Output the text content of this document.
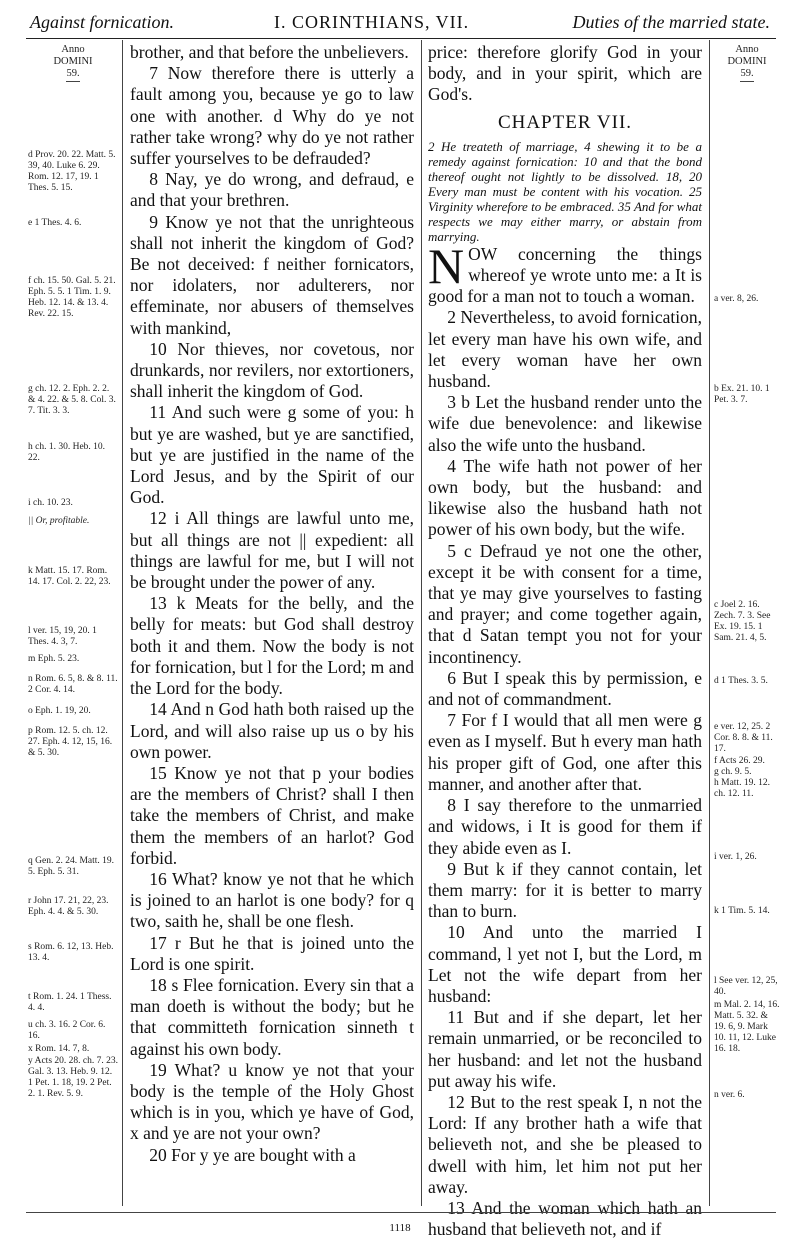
Against fornication.	I. CORINTHIANS, VII.	Duties of the married state.
Anno
DOMINI
59.
d Prov. 20. 22. Matt. 5. 39, 40. Luke 6. 29. Rom. 12. 17, 19. 1 Thes. 5. 15.
e 1 Thes. 4. 6.
f ch. 15. 50. Gal. 5. 21. Eph. 5. 5. 1 Tim. 1. 9. Heb. 12. 14. & 13. 4. Rev. 22. 15.
g ch. 12. 2. Eph. 2. 2. & 4. 22. & 5. 8. Col. 3. 7. Tit. 3. 3.
h ch. 1. 30. Heb. 10. 22.
i ch. 10. 23.
|| Or, profitable.
k Matt. 15. 17. Rom. 14. 17. Col. 2. 22, 23.
l ver. 15, 19, 20. 1 Thes. 4. 3, 7.
m Eph. 5. 23.
n Rom. 6. 5, 8. & 8. 11. 2 Cor. 4. 14.
o Eph. 1. 19, 20.
p Rom. 12. 5. ch. 12. 27. Eph. 4. 12, 15, 16. & 5. 30.
q Gen. 2. 24. Matt. 19. 5. Eph. 5. 31.
r John 17. 21, 22, 23. Eph. 4. 4. & 5. 30.
s Rom. 6. 12, 13. Heb. 13. 4.
t Rom. 1. 24. 1 Thess. 4. 4.
u ch. 3. 16. 2 Cor. 6. 16.
x Rom. 14. 7, 8.
y Acts 20. 28. ch. 7. 23. Gal. 3. 13. Heb. 9. 12. 1 Pet. 1. 18, 19. 2 Pet. 2. 1. Rev. 5. 9.

brother, and that before the unbelievers.

7 Now therefore there is utterly a fault among you, because ye go to law one with another. d Why do ye not rather take wrong? why do ye not rather suffer yourselves to be defrauded?

8 Nay, ye do wrong, and defraud, e and that your brethren.

9 Know ye not that the unrighteous shall not inherit the kingdom of God? Be not deceived: f neither fornicators, nor idolaters, nor adulterers, nor effeminate, nor abusers of themselves with mankind,

10 Nor thieves, nor covetous, nor drunkards, nor revilers, nor extortioners, shall inherit the kingdom of God.

11 And such were g some of you: h but ye are washed, but ye are sanctified, but ye are justified in the name of the Lord Jesus, and by the Spirit of our God.

12 i All things are lawful unto me, but all things are not || expedient: all things are lawful for me, but I will not be brought under the power of any.

13 k Meats for the belly, and the belly for meats: but God shall destroy both it and them. Now the body is not for fornication, but l for the Lord; m and the Lord for the body.

14 And n God hath both raised up the Lord, and will also raise up us o by his own power.

15 Know ye not that p your bodies are the members of Christ? shall I then take the members of Christ, and make them the members of an harlot? God forbid.

16 What? know ye not that he which is joined to an harlot is one body? for q two, saith he, shall be one flesh.

17 r But he that is joined unto the Lord is one spirit.

18 s Flee fornication. Every sin that a man doeth is without the body; but he that committeth fornication sinneth t against his own body.

19 What? u know ye not that your body is the temple of the Holy Ghost which is in you, which ye have of God, x and ye are not your own?

20 For y ye are bought with a

price: therefore glorify God in your body, and in your spirit, which are God's.

CHAPTER VII.

2 He treateth of marriage, 4 shewing it to be a remedy against fornication: 10 and that the bond thereof ought not lightly to be dissolved. 18, 20 Every man must be content with his vocation. 25 Virginity wherefore to be embraced. 35 And for what respects we may either marry, or abstain from marrying.

NOW concerning the things whereof ye wrote unto me: a It is good for a man not to touch a woman.

2 Nevertheless, to avoid fornication, let every man have his own wife, and let every woman have her own husband.

3 b Let the husband render unto the wife due benevolence: and likewise also the wife unto the husband.

4 The wife hath not power of her own body, but the husband: and likewise also the husband hath not power of his own body, but the wife.

5 c Defraud ye not one the other, except it be with consent for a time, that ye may give yourselves to fasting and prayer; and come together again, that d Satan tempt you not for your incontinency.

6 But I speak this by permission, e and not of commandment.

7 For f I would that all men were g even as I myself. But h every man hath his proper gift of God, one after this manner, and another after that.

8 I say therefore to the unmarried and widows, i It is good for them if they abide even as I.

9 But k if they cannot contain, let them marry: for it is better to marry than to burn.

10 And unto the married I command, l yet not I, but the Lord, m Let not the wife depart from her husband:

11 But and if she depart, let her remain unmarried, or be reconciled to her husband: and let not the husband put away his wife.

12 But to the rest speak I, n not the Lord: If any brother hath a wife that believeth not, and she be pleased to dwell with him, let him not put her away.

13 And the woman which hath an husband that believeth not, and if

Anno
DOMINI
59.
a ver. 8, 26.
b Ex. 21. 10. 1 Pet. 3. 7.
c Joel 2. 16. Zech. 7. 3. See Ex. 19. 15. 1 Sam. 21. 4, 5.
d 1 Thes. 3. 5.
e ver. 12, 25. 2 Cor. 8. 8. & 11. 17.
f Acts 26. 29.
g ch. 9. 5.
h Matt. 19. 12. ch. 12. 11.
i ver. 1, 26.
k 1 Tim. 5. 14.
l See ver. 12, 25, 40.
m Mal. 2. 14, 16. Matt. 5. 32. & 19. 6, 9. Mark 10. 11, 12. Luke 16. 18.
n ver. 6.
1118
